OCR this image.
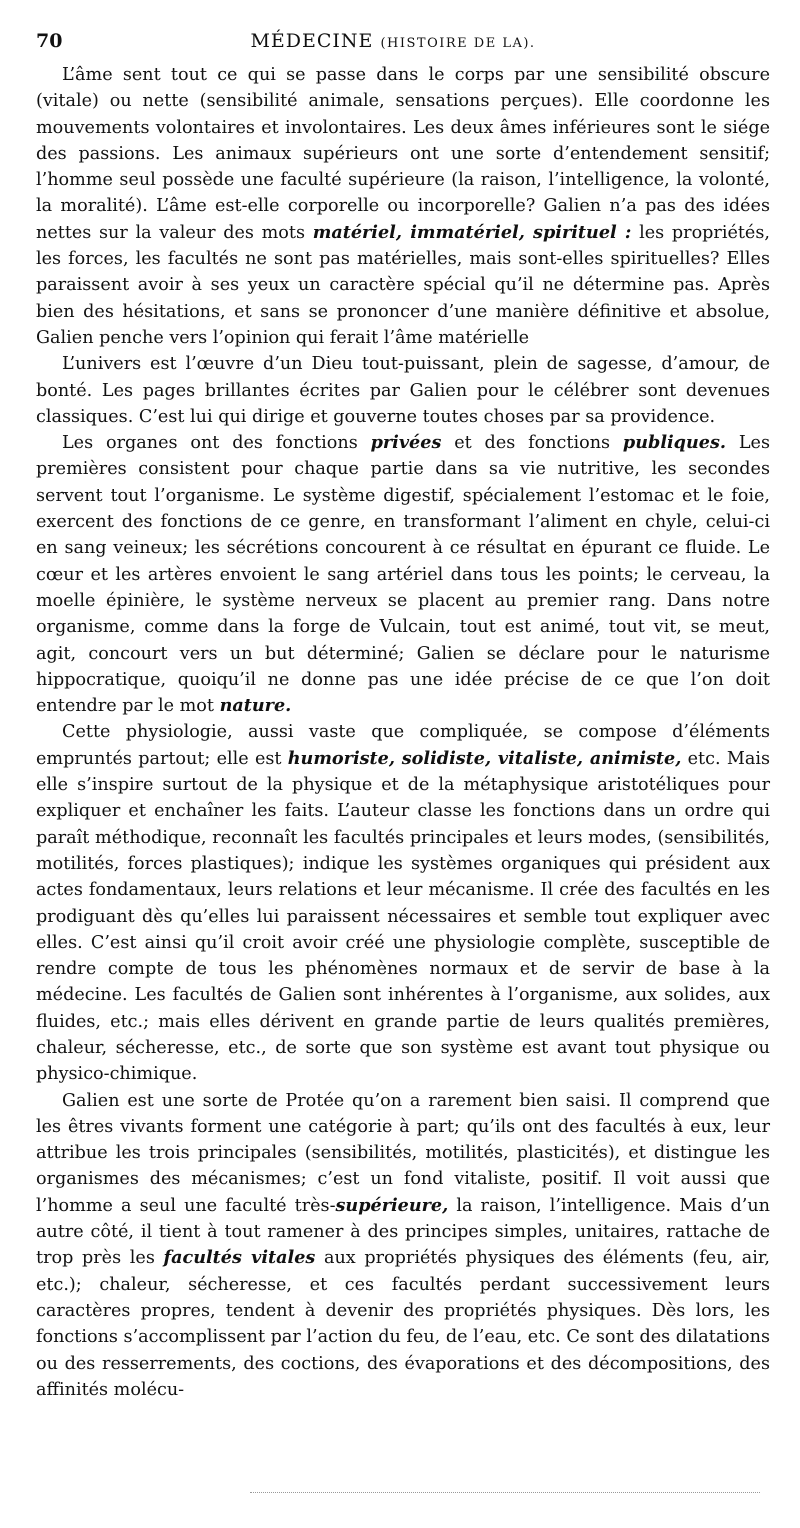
70	MÉDECINE (HISTOIRE DE LA).

L’âme sent tout ce qui se passe dans le corps par une sensibilité obscure (vitale) ou nette (sensibilité animale, sensations perçues). Elle coordonne les mouvements volontaires et involontaires. Les deux âmes inférieures sont le siége des passions. Les animaux supérieurs ont une sorte d’entendement sensitif; l’homme seul possède une faculté supérieure (la raison, l’intelligence, la volonté, la moralité). L’âme est-elle corporelle ou incorporelle? Galien n’a pas des idées nettes sur la valeur des mots matériel, immatériel, spirituel : les propriétés, les forces, les facultés ne sont pas matérielles, mais sont-elles spirituelles? Elles paraissent avoir à ses yeux un caractère spécial qu’il ne détermine pas. Après bien des hésitations, et sans se prononcer d’une manière définitive et absolue, Galien penche vers l’opinion qui ferait l’âme matérielle

L’univers est l’œuvre d’un Dieu tout-puissant, plein de sagesse, d’amour, de bonté. Les pages brillantes écrites par Galien pour le célébrer sont devenues classiques. C’est lui qui dirige et gouverne toutes choses par sa providence.

Les organes ont des fonctions privées et des fonctions publiques. Les premières consistent pour chaque partie dans sa vie nutritive, les secondes servent tout l’organisme. Le système digestif, spécialement l’estomac et le foie, exercent des fonctions de ce genre, en transformant l’aliment en chyle, celui-ci en sang veineux; les sécrétions concourent à ce résultat en épurant ce fluide. Le cœur et les artères envoient le sang artériel dans tous les points; le cerveau, la moelle épinière, le système nerveux se placent au premier rang. Dans notre organisme, comme dans la forge de Vulcain, tout est animé, tout vit, se meut, agit, concourt vers un but déterminé; Galien se déclare pour le naturisme hippocratique, quoiqu’il ne donne pas une idée précise de ce que l’on doit entendre par le mot nature.

Cette physiologie, aussi vaste que compliquée, se compose d’éléments empruntés partout; elle est humoriste, solidiste, vitaliste, animiste, etc. Mais elle s’inspire surtout de la physique et de la métaphysique aristotéliques pour expliquer et enchaîner les faits. L’auteur classe les fonctions dans un ordre qui paraît méthodique, reconnaît les facultés principales et leurs modes, (sensibilités, motilités, forces plastiques); indique les systèmes organiques qui président aux actes fondamentaux, leurs relations et leur mécanisme. Il crée des facultés en les prodiguant dès qu’elles lui paraissent nécessaires et semble tout expliquer avec elles. C’est ainsi qu’il croit avoir créé une physiologie complète, susceptible de rendre compte de tous les phénomènes normaux et de servir de base à la médecine. Les facultés de Galien sont inhérentes à l’organisme, aux solides, aux fluides, etc.; mais elles dérivent en grande partie de leurs qualités premières, chaleur, sécheresse, etc., de sorte que son système est avant tout physique ou physico-chimique.

Galien est une sorte de Protée qu’on a rarement bien saisi. Il comprend que les êtres vivants forment une catégorie à part; qu’ils ont des facultés à eux, leur attribue les trois principales (sensibilités, motilités, plasticités), et distingue les organismes des mécanismes; c’est un fond vitaliste, positif. Il voit aussi que l’homme a seul une faculté très-supérieure, la raison, l’intelligence. Mais d’un autre côté, il tient à tout ramener à des principes simples, unitaires, rattache de trop près les facultés vitales aux propriétés physiques des éléments (feu, air, etc.); chaleur, sécheresse, et ces facultés perdant successivement leurs caractères propres, tendent à devenir des propriétés physiques. Dès lors, les fonctions s’accomplissent par l’action du feu, de l’eau, etc. Ce sont des dilatations ou des resserrements, des coctions, des évaporations et des décompositions, des affinités molécu-
